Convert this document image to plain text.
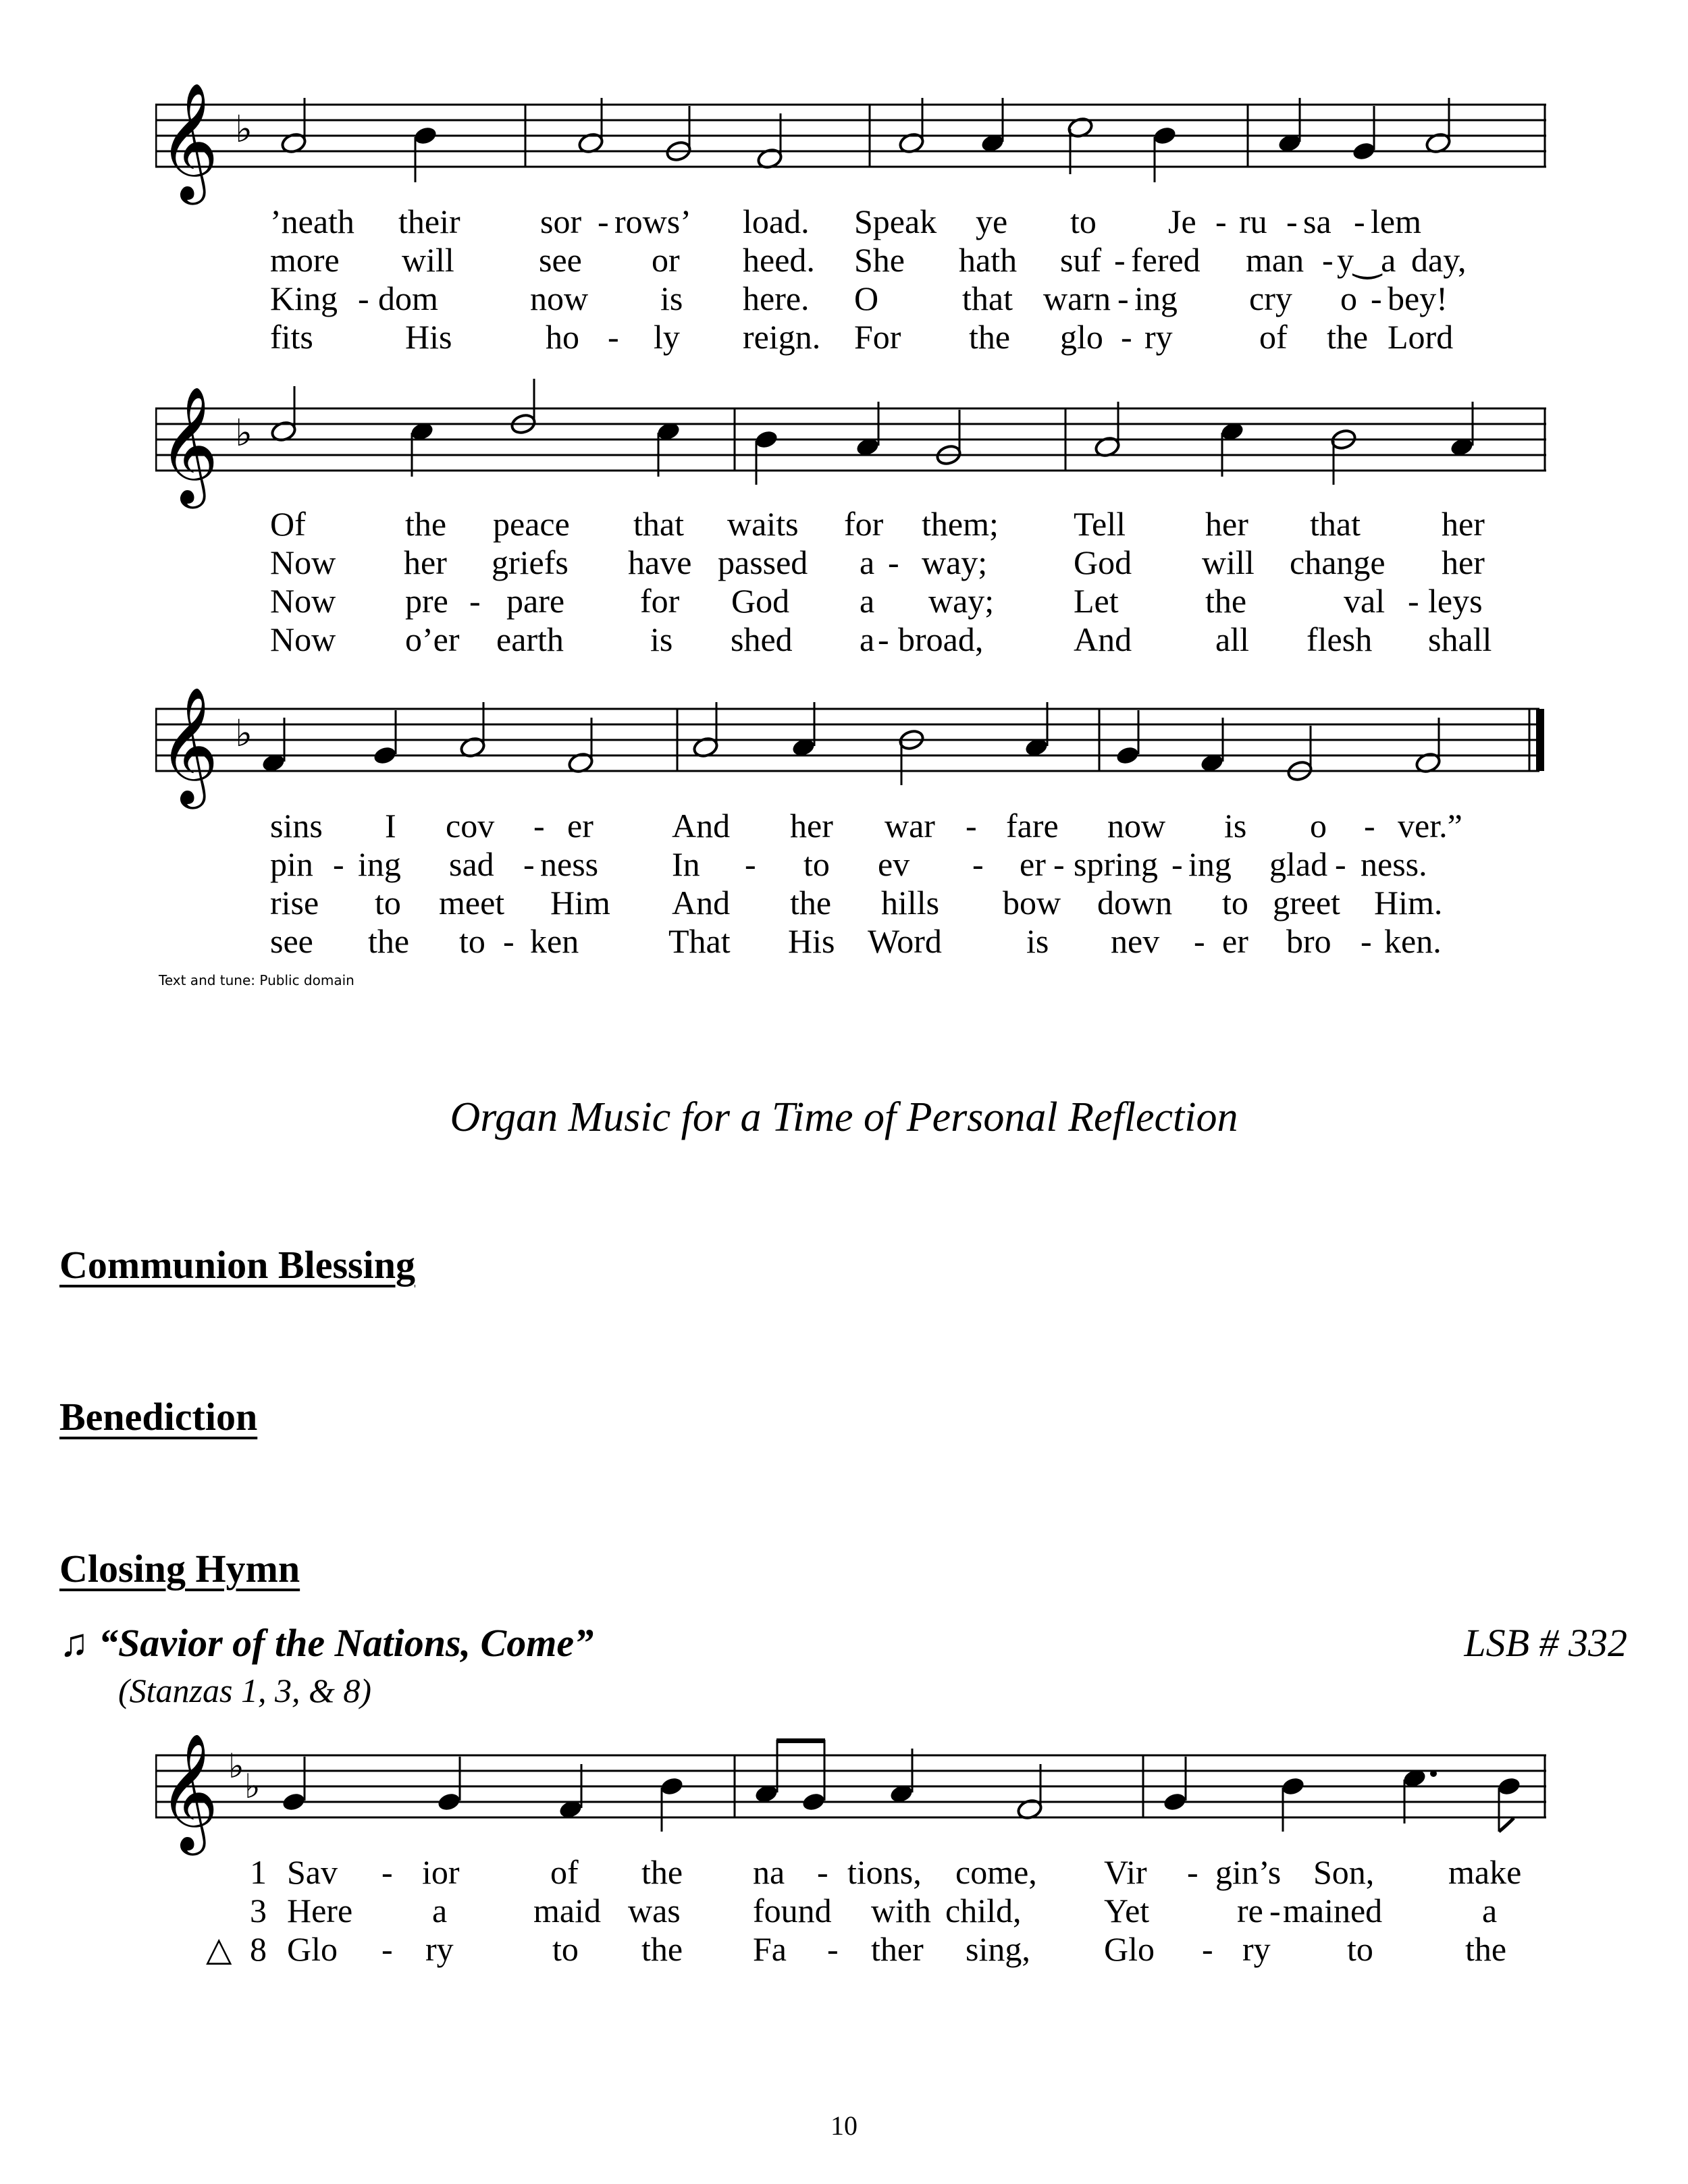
𝄞 ♭
’neath their sor - rows’ load. Speak ye to Je - ru - sa - lem
more will	see or heed. She hath suf - fered man - y‿a day,
King - dom	now is here. O that warn - ing cry o - bey!
fits	His	ho - ly reign. For the glo - ry	of the Lord
𝄞 ♭
Of	the peace that waits for them; Tell her that her
Now her griefs have passed a - way;	God will change her
Now pre - pare for God a way; Let	the	val - leys
Now o’er earth	is shed a - broad,	And all flesh shall
𝄞 ♭
sins I cov - er And her war - fare now is o - ver.”
pin - ing sad - ness In - to ev - er - spring - ing glad - ness.
rise to meet Him And the hills bow down to greet Him.
see the to - ken	That His Word	is nev - er bro - ken.
Text and tune: Public domain
Organ Music for a Time of Personal Reflection
Communion Blessing
Benediction
Closing Hymn
♫ “Savior of the Nations, Come”	LSB # 332
(Stanzas 1, 3, & 8)
𝄞 ♭
♭
1 Sav - ior	of the na - tions, come, Vir - gin’s Son, make
3 Here a	maid was found with child, Yet	re - mained	a
△ 8 Glo - ry	to the Fa - ther sing, Glo - ry to	the
10
